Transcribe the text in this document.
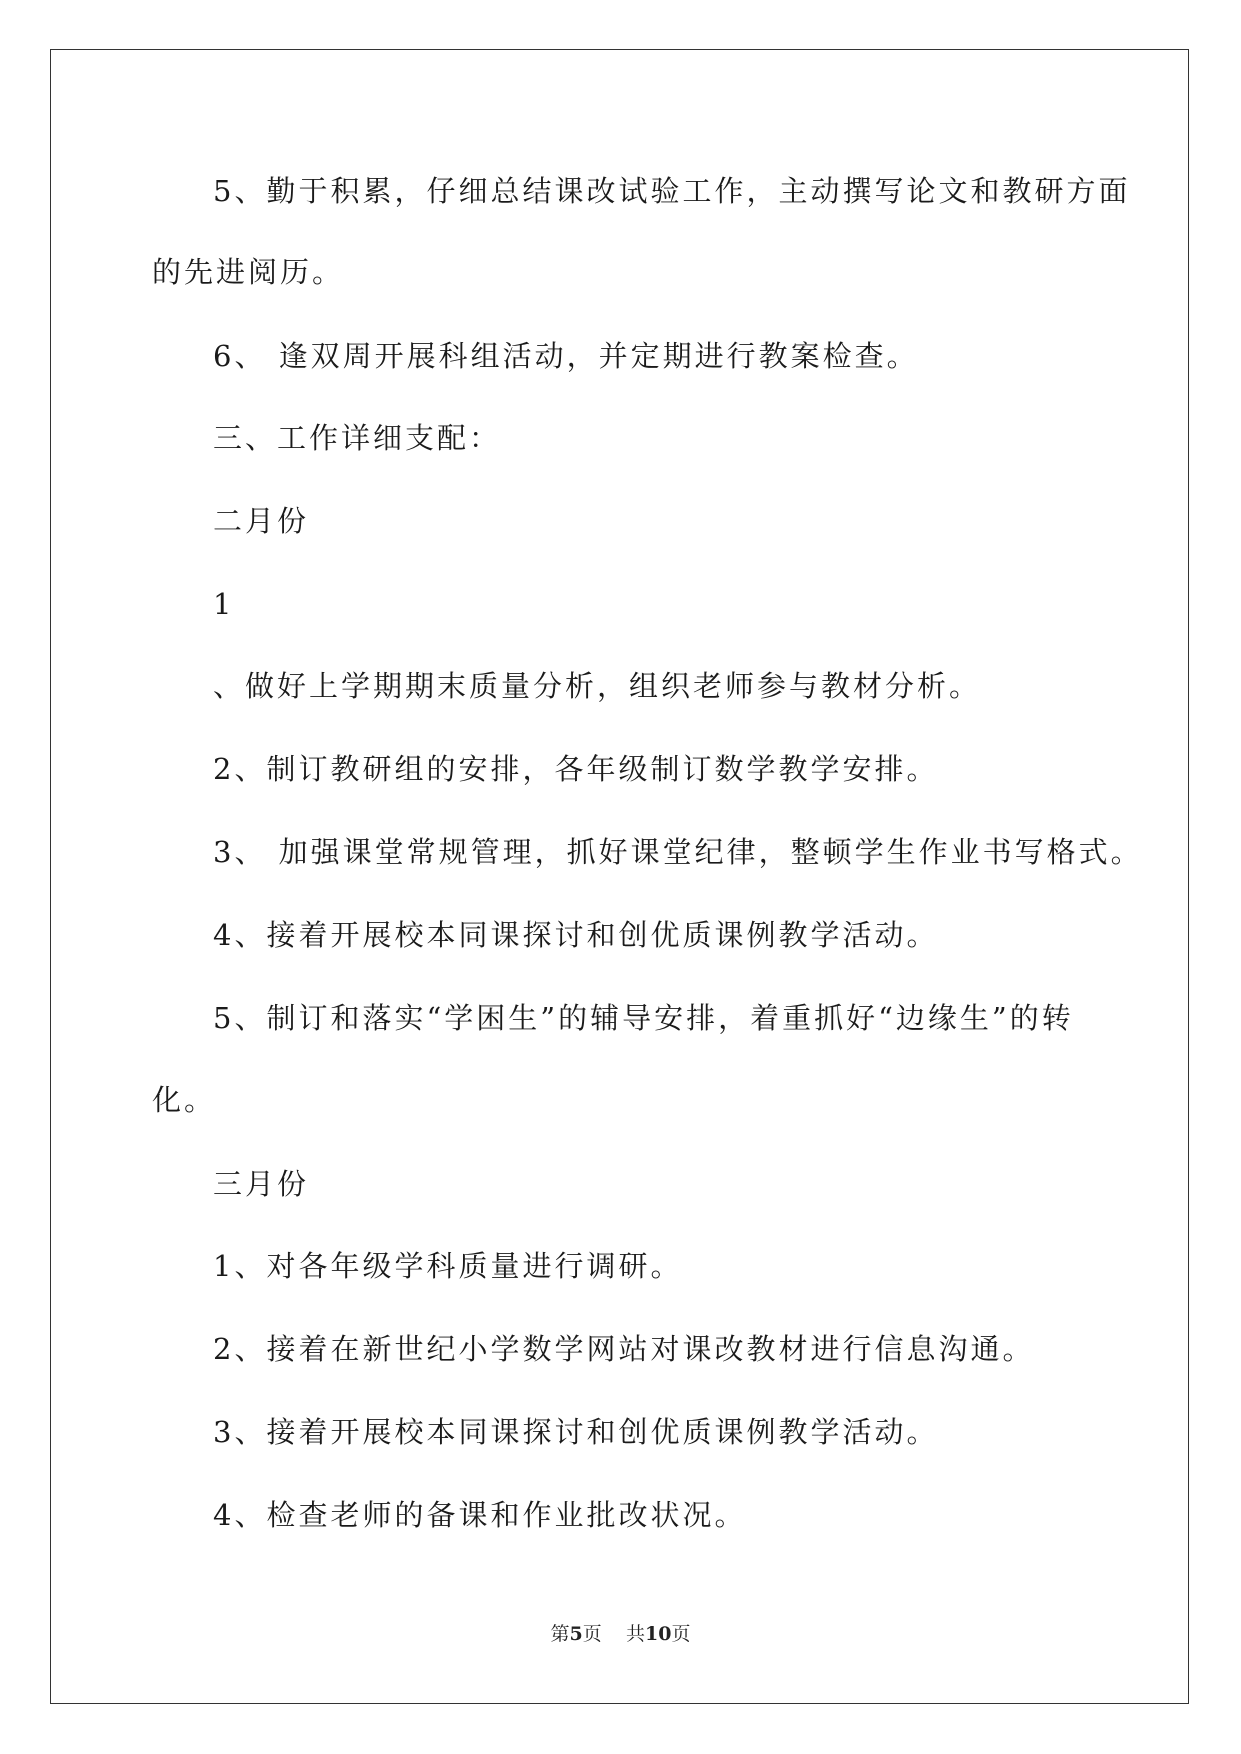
5、勤于积累，仔细总结课改试验工作，主动撰写论文和教研方面
的先进阅历。
6、 逢双周开展科组活动，并定期进行教案检查。
三、工作详细支配：
二月份
1
、做好上学期期末质量分析，组织老师参与教材分析。
2、制订教研组的安排，各年级制订数学教学安排。
3、 加强课堂常规管理，抓好课堂纪律，整顿学生作业书写格式。
4、接着开展校本同课探讨和创优质课例教学活动。
5、制订和落实“学困生”的辅导安排，着重抓好“边缘生”的转
化。
三月份
1、对各年级学科质量进行调研。
2、接着在新世纪小学数学网站对课改教材进行信息沟通。
3、接着开展校本同课探讨和创优质课例教学活动。
4、检查老师的备课和作业批改状况。
第5页 共10页
